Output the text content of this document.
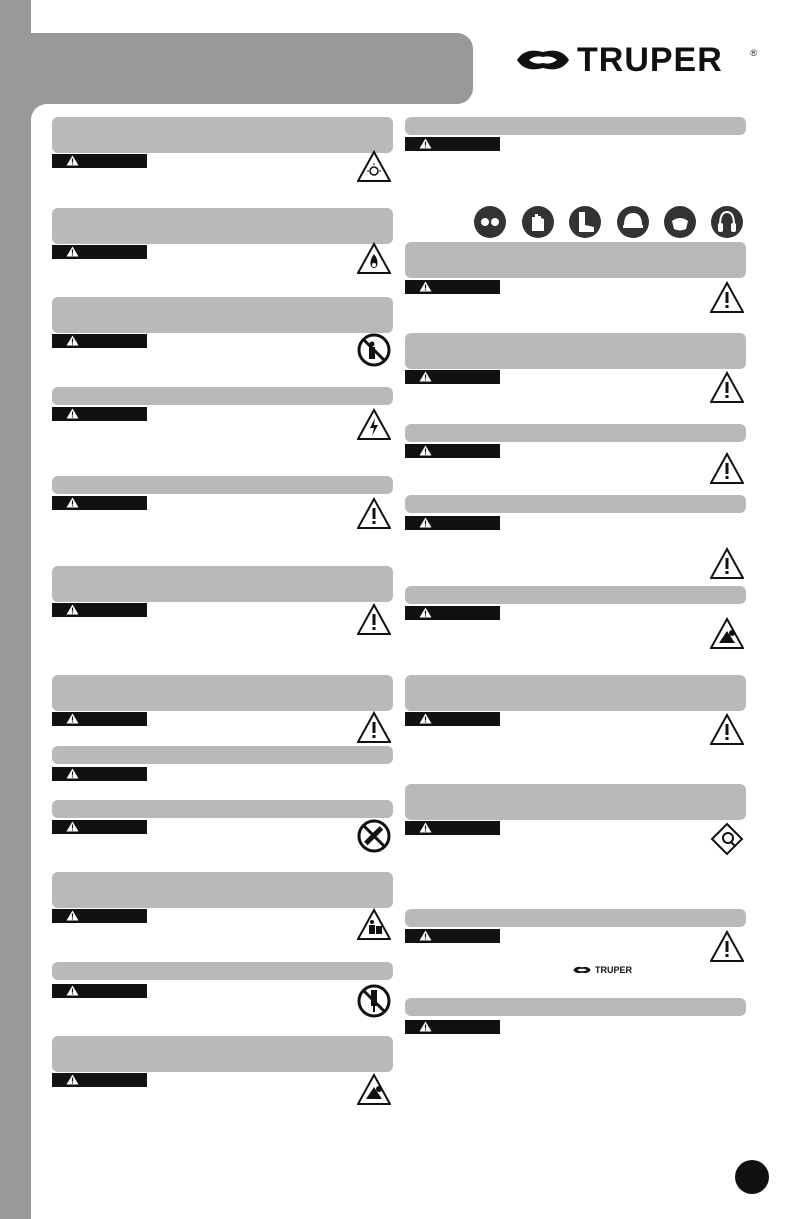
TRUPER	®
TRUPER
